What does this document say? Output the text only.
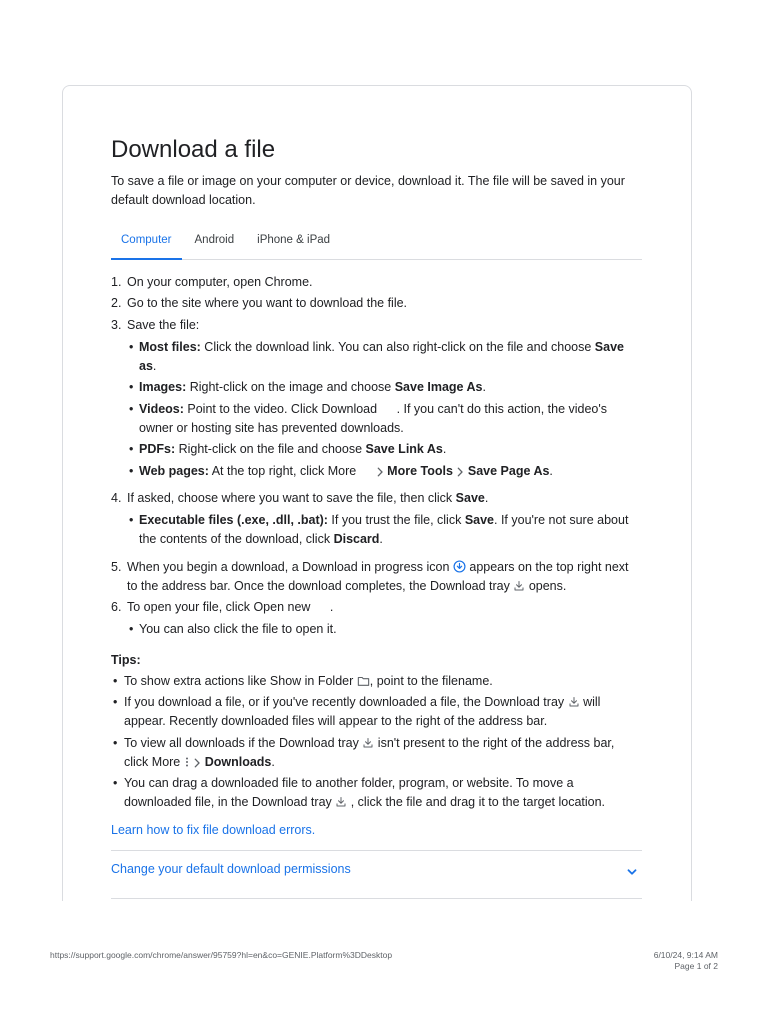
Download a file
To save a file or image on your computer or device, download it. The file will be saved in your default download location.
Computer	Android	iPhone & iPad
1. On your computer, open Chrome.
2. Go to the site where you want to download the file.
3. Save the file:
• Most files: Click the download link. You can also right-click on the file and choose Save as.
• Images: Right-click on the image and choose Save Image As.
• Videos: Point to the video. Click Download . If you can't do this action, the video's owner or hosting site has prevented downloads.
• PDFs: Right-click on the file and choose Save Link As.
• Web pages: At the top right, click More  More Tools Save Page As.
4. If asked, choose where you want to save the file, then click Save.
• Executable files (.exe, .dll, .bat): If you trust the file, click Save. If you're not sure about the contents of the download, click Discard.
5. When you begin a download, a Download in progress icon  appears on the top right next to the address bar. Once the download completes, the Download tray  opens.
6. To open your file, click Open new .
• You can also click the file to open it.
Tips:
• To show extra actions like Show in Folder , point to the filename.
• If you download a file, or if you've recently downloaded a file, the Download tray  will appear. Recently downloaded files will appear to the right of the address bar.
• To view all downloads if the Download tray  isn't present to the right of the address bar, click More   Downloads.
• You can drag a downloaded file to another folder, program, or website. To move a downloaded file, in the Download tray  , click the file and drag it to the target location.
Learn how to fix file download errors.
Change your default download permissions
https://support.google.com/chrome/answer/95759?hl=en&co=GENIE.Platform%3DDesktop	6/10/24, 9:14 AM
Page 1 of 2
